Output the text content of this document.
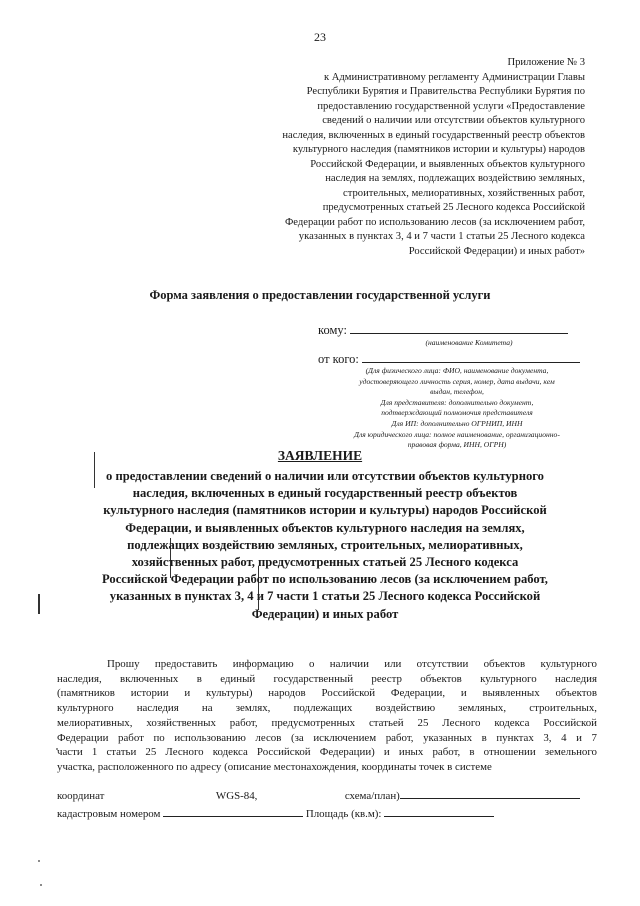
23
Приложение № 3
к Административному регламенту Администрации Главы
Республики Бурятия и Правительства Республики Бурятия по
предоставлению государственной услуги «Предоставление
сведений о наличии или отсутствии объектов культурного
наследия, включенных в единый государственный реестр объектов
культурного наследия (памятников истории и культуры) народов
Российской Федерации, и выявленных объектов культурного
наследия на землях, подлежащих воздействию земляных,
строительных, мелиоративных, хозяйственных работ,
предусмотренных статьей 25 Лесного кодекса Российской
Федерации работ по использованию лесов (за исключением работ,
указанных в пунктах 3, 4 и 7 части 1 статьи 25 Лесного кодекса
Российской Федерации) и иных работ»
Форма заявления о предоставлении государственной услуги
кому:
(наименование Комитета)
от кого:
(Для физического лица: ФИО, наименование документа,
удостоверяющего личность серия, номер, дата выдачи, кем
выдан, телефон,
Для представителя: дополнительно документ,
подтверждающий полномочия представителя
Для ИП: дополнительно ОГРНИП, ИНН
Для юридического лица: полное наименование, организационно-
правовая форма, ИНН, ОГРН)
ЗАЯВЛЕНИЕ
о предоставлении сведений о наличии или отсутствии объектов культурного
наследия, включенных в единый государственный реестр объектов
культурного наследия (памятников истории и культуры) народов Российской
Федерации, и выявленных объектов культурного наследия на землях,
подлежащих воздействию земляных, строительных, мелиоративных,
хозяйственных работ, предусмотренных статьей 25 Лесного кодекса
Российской Федерации работ по использованию лесов (за исключением работ,
указанных в пунктах 3, 4 и 7 части 1 статьи 25 Лесного кодекса Российской
Федерации) и иных работ
Прошу предоставить информацию о наличии или отсутствии объектов культурного
наследия, включенных в единый государственный реестр объектов культурного наследия
(памятников истории и культуры) народов Российской Федерации, и выявленных объектов
культурного наследия на землях, подлежащих воздействию земляных, строительных,
мелиоративных, хозяйственных работ, предусмотренных статьей 25 Лесного кодекса Российской
Федерации работ по использованию лесов (за исключением работ, указанных в пунктах 3, 4 и 7
части 1 статьи 25 Лесного кодекса Российской Федерации) и иных работ, в отношении земельного
участка, расположенного по адресу (описание местонахождения, координаты точек в системе
координат	WGS-84,	схема/план)
кадастровым номером	Площадь (кв.м):
